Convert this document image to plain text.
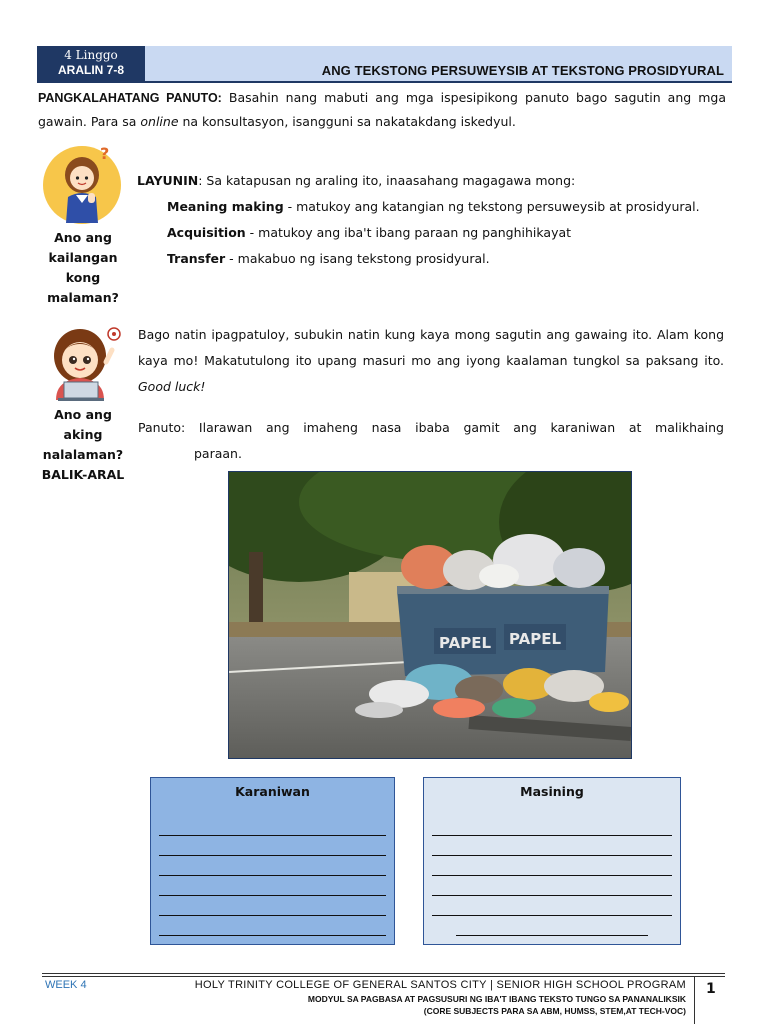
4 Linggo
ARALIN 7-8	ANG TEKSTONG PERSUWEYSIB AT TEKSTONG PROSIDYURAL
PANGKALAHATANG PANUTO: Basahin nang mabuti ang mga ispesipikong panuto bago sagutin ang mga gawain. Para sa online na konsultasyon, isangguni sa nakatakdang iskedyul.
?
Ano ang
kailangan
kong
malaman?
LAYUNIN: Sa katapusan ng araling ito, inaasahang magagawa mong:
Meaning making - matukoy ang katangian ng tekstong persuweysib at prosidyural.
Acquisition - matukoy ang iba't ibang paraan ng panghihikayat
Transfer - makabuo ng isang tekstong prosidyural.
Ano ang
aking
nalalaman?
BALIK-ARAL
Bago natin ipagpatuloy, subukin natin kung kaya mong sagutin ang gawaing ito. Alam kong kaya mo! Makatutulong ito upang masuri mo ang iyong kaalaman tungkol sa paksang ito. Good luck!
Panuto: Ilarawan ang imaheng nasa ibaba gamit ang karaniwan at malikhaing
paraan.
PAPEL PAPEL
Karaniwan	Masining
WEEK 4	HOLY TRINITY COLLEGE OF GENERAL SANTOS CITY | SENIOR HIGH SCHOOL PROGRAM
MODYUL SA PAGBASA AT PAGSUSURI NG IBA'T IBANG TEKSTO TUNGO SA PANANALIKSIK
(CORE SUBJECTS PARA SA ABM, HUMSS, STEM,AT TECH-VOC)
1
